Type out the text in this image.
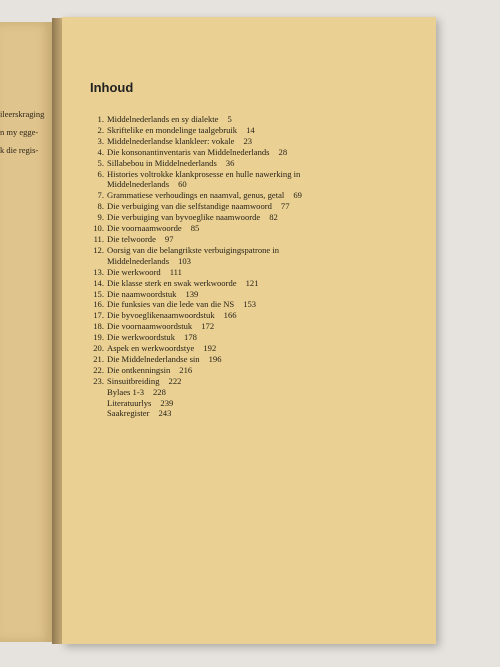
ileerskraging
n my egge-
k die regis-
Inhoud
1. Middelnederlands en sy dialekte 5
2. Skriftelike en mondelinge taalgebruik 14
3. Middelnederlandse klankleer: vokale 23
4. Die konsonantinventaris van Middelnederlands 28
5. Sillabebou in Middelnederlands 36
6. Histories voltrokke klankprosesse en hulle nawerking in
Middelnederlands 60
7. Grammatiese verhoudings en naamval, genus, getal 69
8. Die verbuiging van die selfstandige naamwoord 77
9. Die verbuiging van byvoeglike naamwoorde 82
10. Die voornaamwoorde 85
11. Die telwoorde 97
12. Oorsig van die belangrikste verbuigingspatrone in
Middelnederlands 103
13. Die werkwoord 111
14. Die klasse sterk en swak werkwoorde 121
15. Die naamwoordstuk 139
16. Die funksies van die lede van die NS 153
17. Die byvoeglikenaamwoordstuk 166
18. Die voornaamwoordstuk 172
19. Die werkwoordstuk 178
20. Aspek en werkwoordstye 192
21. Die Middelnederlandse sin 196
22. Die ontkenningsin 216
23. Sinsuitbreiding 222
Bylaes 1-3 228
Literatuurlys 239
Saakregister 243
